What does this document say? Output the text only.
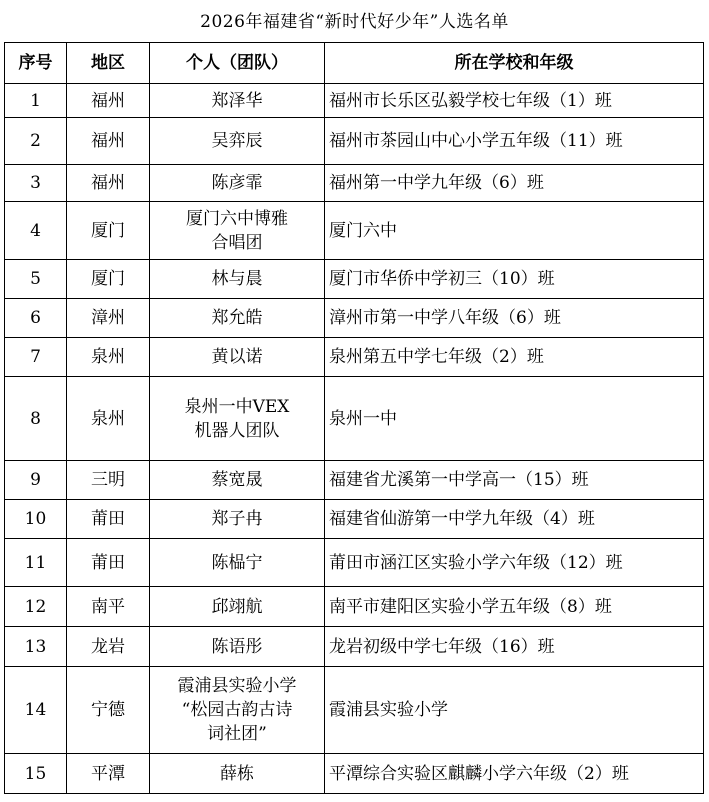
2026年福建省“新时代好少年”人选名单
序号	地区	个人（团队）	所在学校和年级
1	福州	郑泽华	福州市长乐区弘毅学校七年级（1）班
2	福州	吴弈辰	福州市茶园山中心小学五年级（11）班
3	福州	陈彦霏	福州第一中学九年级（6）班
4	厦门	厦门六中博雅
合唱团	厦门六中
5	厦门	林与晨	厦门市华侨中学初三（10）班
6	漳州	郑允皓	漳州市第一中学八年级（6）班
7	泉州	黄以诺	泉州第五中学七年级（2）班
8	泉州	泉州一中VEX
机器人团队	泉州一中
9	三明	蔡宽晟	福建省尤溪第一中学高一（15）班
10	莆田	郑子冉	福建省仙游第一中学九年级（4）班
11	莆田	陈榀宁	莆田市涵江区实验小学六年级（12）班
12	南平	邱翊航	南平市建阳区实验小学五年级（8）班
13	龙岩	陈语彤	龙岩初级中学七年级（16）班
14	宁德	霞浦县实验小学
“松园古韵古诗
词社团”	霞浦县实验小学
15	平潭	薛栋	平潭综合实验区麒麟小学六年级（2）班
